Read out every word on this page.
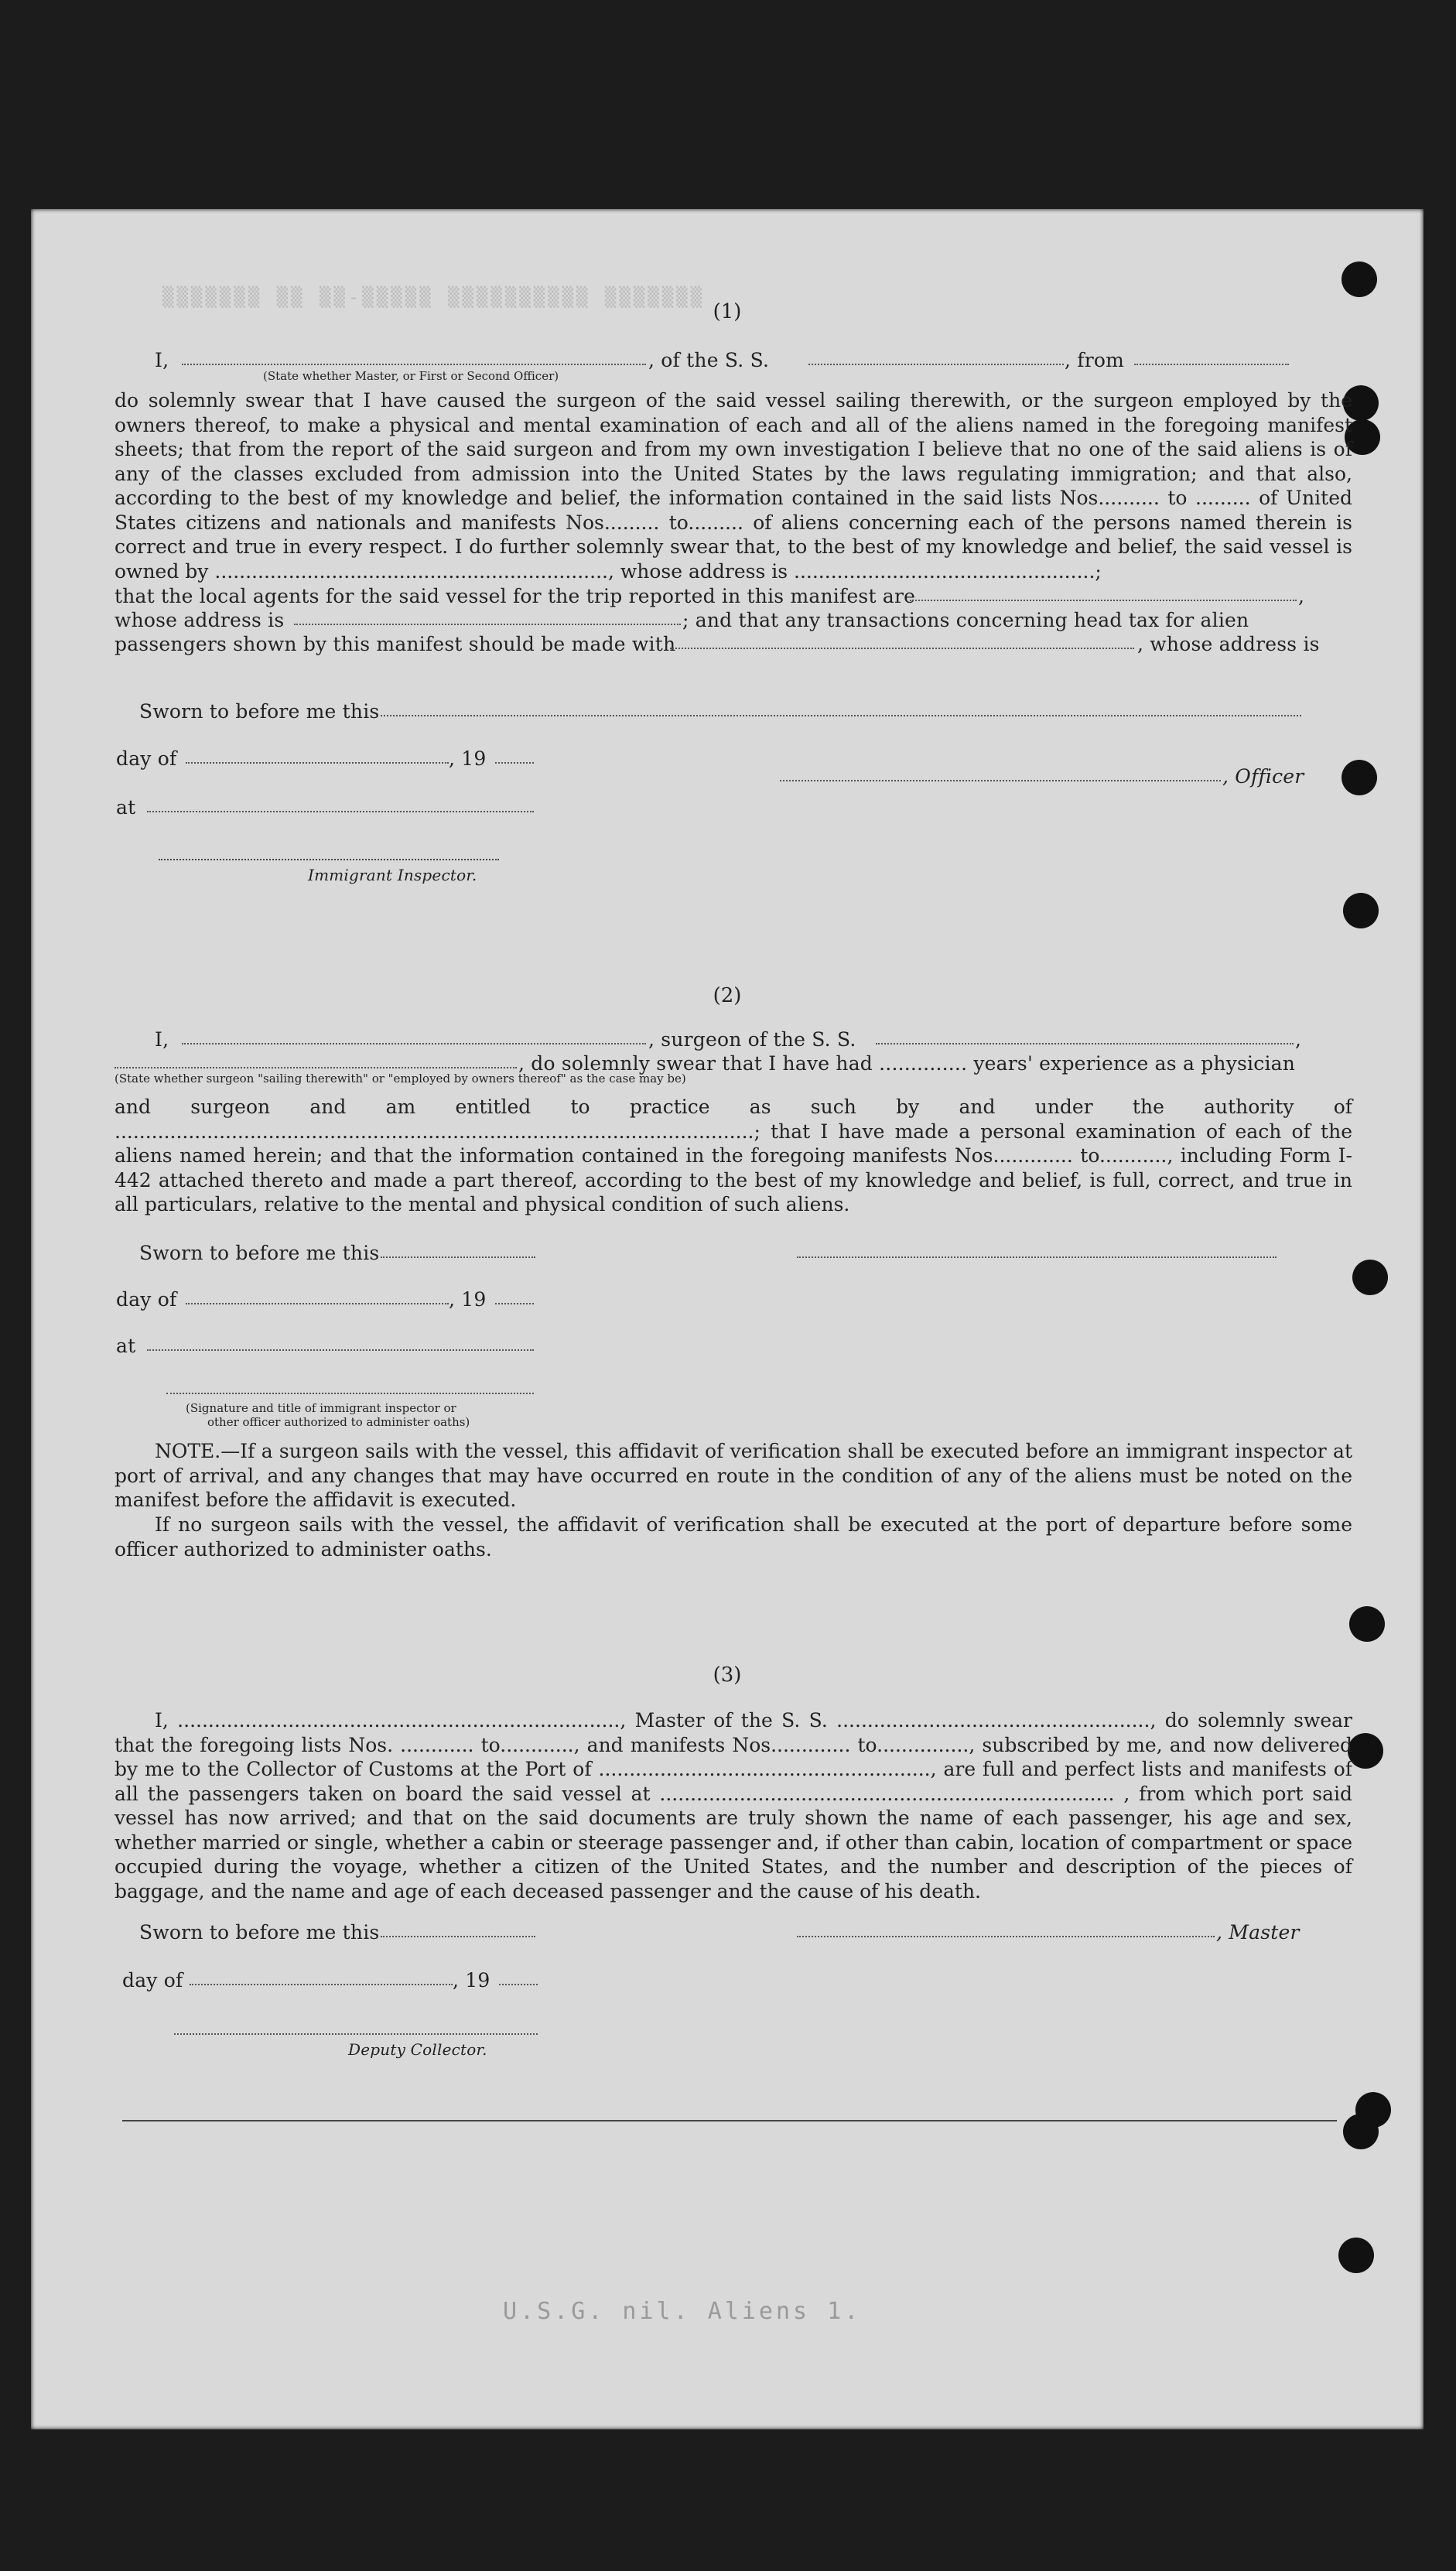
▒▒▒▒▒▒▒ ▒▒ ▒▒-▒▒▒▒▒ ▒▒▒▒▒▒▒▒▒▒ ▒▒▒▒▒▒▒
(1)
I,	, of the S. S.	, from
(State whether Master, or First or Second Officer)

do solemnly swear that I have caused the surgeon of the said vessel sailing therewith, or the surgeon employed by the owners thereof, to make a physical and mental examination of each and all of the aliens named in the foregoing manifest sheets; that from the report of the said surgeon and from my own investigation I believe that no one of the said aliens is of any of the classes excluded from admission into the United States by the laws regulating immigration; and that also, according to the best of my knowledge and belief, the information contained in the said lists Nos.......... to ......... of United States citizens and nationals and manifests Nos......... to......... of aliens concerning each of the persons named therein is correct and true in every respect. I do further solemnly swear that, to the best of my knowledge and belief, the said vessel is owned by ................................................................, whose address is .................................................;

that the local agents for the said vessel for the trip reported in this manifest are	,
whose address is	; and that any transactions concerning head tax for alien
passengers shown by this manifest should be made with	, whose address is
Sworn to before me this
day of	, 19
, Officer
at
Immigrant Inspector.
(2)
I,	, surgeon of the S. S.	,
, do solemnly swear that I have had .............. years' experience as a physician
(State whether surgeon "sailing therewith" or "employed by owners thereof" as the case may be)

and surgeon and am entitled to practice as such by and under the authority of ........................................................................................................; that I have made a personal examination of each of the aliens named herein; and that the information contained in the foregoing manifests Nos............. to..........., including Form I-442 attached thereto and made a part thereof, according to the best of my knowledge and belief, is full, correct, and true in all particulars, relative to the mental and physical condition of such aliens.

Sworn to before me this
day of	, 19
at
(Signature and title of immigrant inspector or
other officer authorized to administer oaths)

NOTE.—If a surgeon sails with the vessel, this affidavit of verification shall be executed before an immigrant inspector at port of arrival, and any changes that may have occurred en route in the condition of any of the aliens must be noted on the manifest before the affidavit is executed.

If no surgeon sails with the vessel, the affidavit of verification shall be executed at the port of departure before some officer authorized to administer oaths.

(3)

I, ........................................................................, Master of the S. S. ..................................................., do solemnly swear that the foregoing lists Nos. ............ to............, and manifests Nos............. to..............., subscribed by me, and now delivered by me to the Collector of Customs at the Port of ......................................................, are full and perfect lists and manifests of all the passengers taken on board the said vessel at .......................................................................... , from which port said vessel has now arrived; and that on the said documents are truly shown the name of each passenger, his age and sex, whether married or single, whether a cabin or steerage passenger and, if other than cabin, location of compartment or space occupied during the voyage, whether a citizen of the United States, and the number and description of the pieces of baggage, and the name and age of each deceased passenger and the cause of his death.

Sworn to before me this	, Master
day of	, 19
Deputy Collector.
U.S.G. nil. Aliens 1.
